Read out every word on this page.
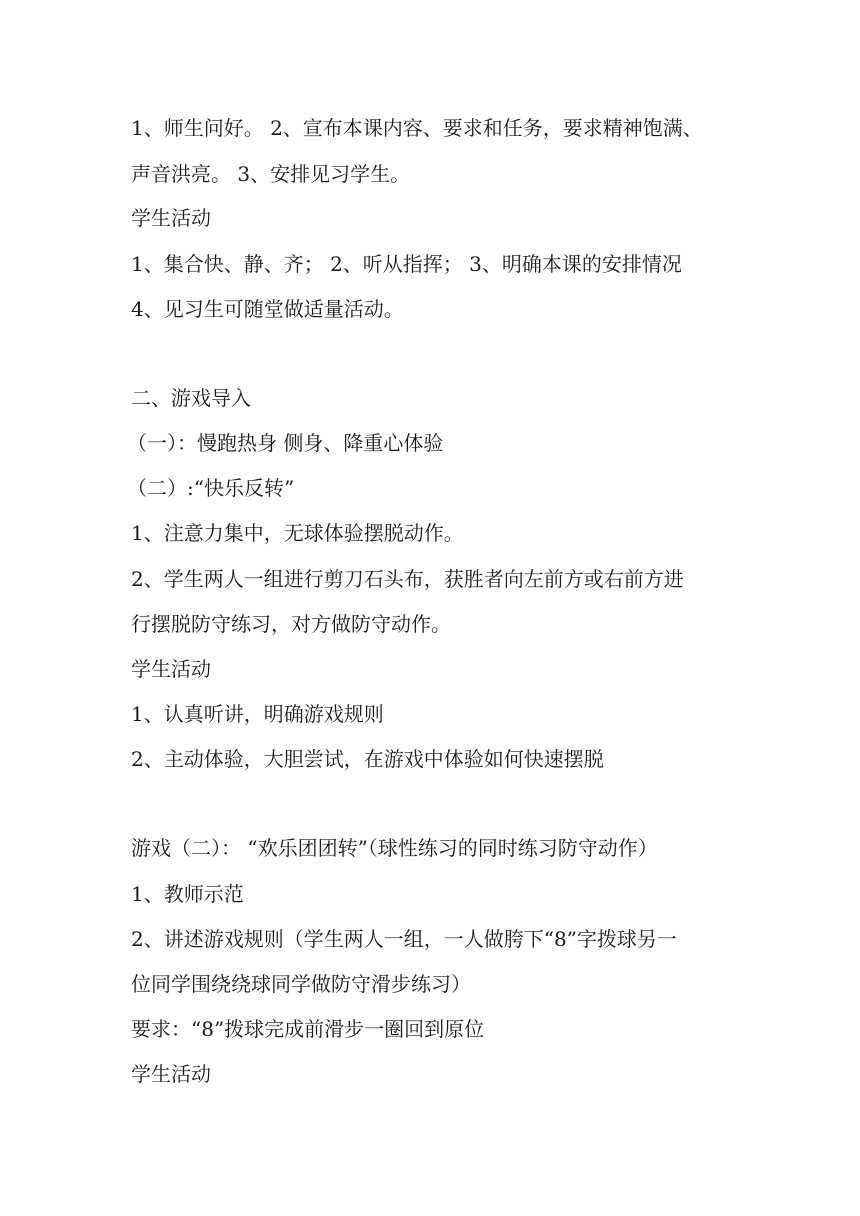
1、师生问好。 2、宣布本课内容、要求和任务，要求精神饱满、
声音洪亮。 3、安排见习学生。
学生活动
1、集合快、静、齐； 2、听从指挥； 3、明确本课的安排情况
4、见习生可随堂做适量活动。
二、游戏导入
（一）：慢跑热身 侧身、降重心体验
（二）:“快乐反转”
1、注意力集中，无球体验摆脱动作。
2、学生两人一组进行剪刀石头布，获胜者向左前方或右前方进
行摆脱防守练习，对方做防守动作。
学生活动
1、认真听讲，明确游戏规则
2、主动体验，大胆尝试，在游戏中体验如何快速摆脱
游戏（二）： “欢乐团团转”（球性练习的同时练习防守动作）
1、教师示范
2、讲述游戏规则（学生两人一组，一人做胯下“8”字拨球另一
位同学围绕绕球同学做防守滑步练习）
要求：“8”拨球完成前滑步一圈回到原位
学生活动
